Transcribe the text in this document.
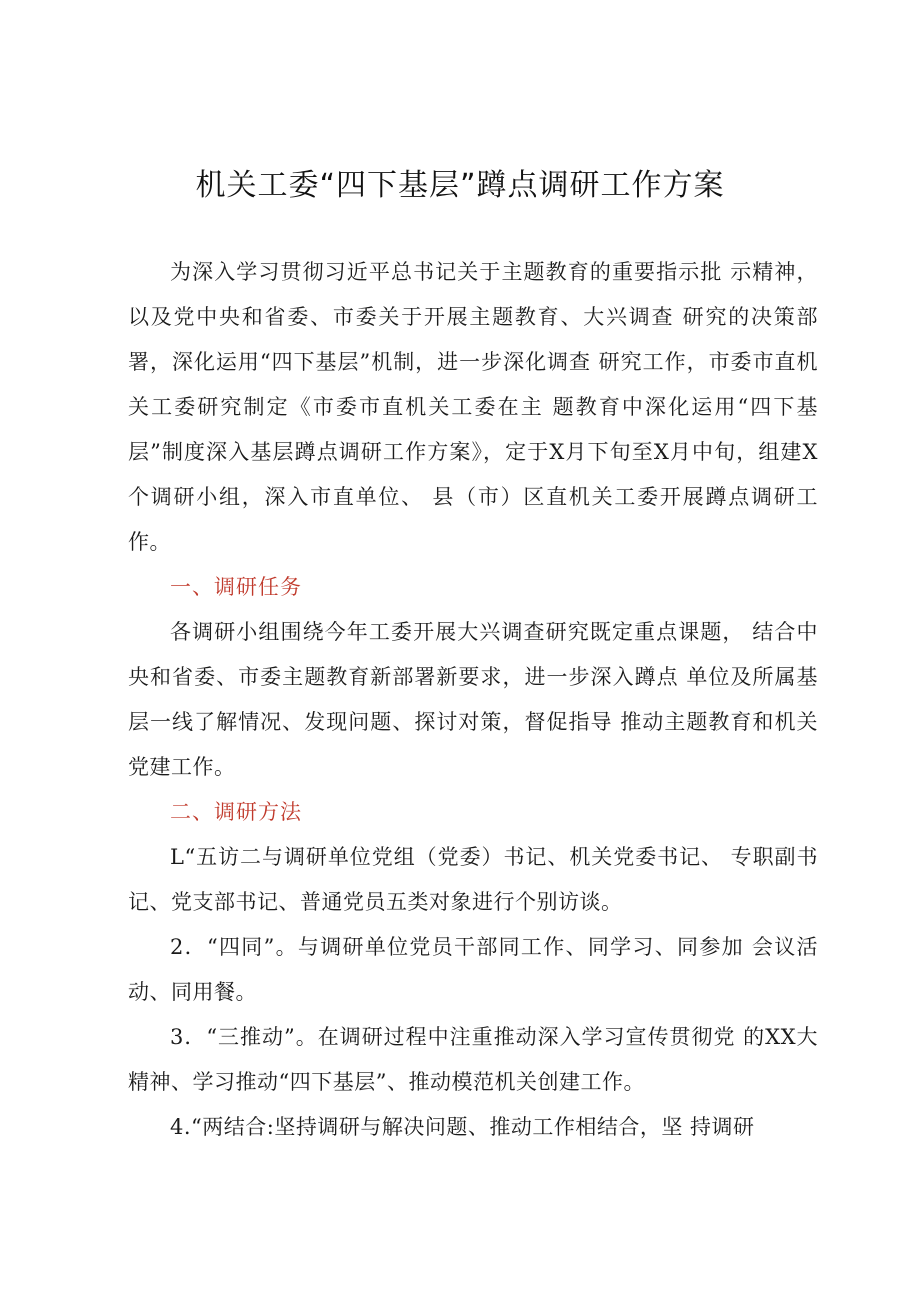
机关工委“四下基层”蹲点调研工作方案

为深入学习贯彻习近平总书记关于主题教育的重要指示批 示精神，以及党中央和省委、市委关于开展主题教育、大兴调查 研究的决策部署，深化运用“四下基层”机制，进一步深化调查 研究工作，市委市直机关工委研究制定《市委市直机关工委在主 题教育中深化运用“四下基层”制度深入基层蹲点调研工作方案》，定于X月下旬至X月中旬，组建X个调研小组，深入市直单位、 县（市）区直机关工委开展蹲点调研工作。

一、调研任务

各调研小组围绕今年工委开展大兴调查研究既定重点课题， 结合中央和省委、市委主题教育新部署新要求，进一步深入蹲点 单位及所属基层一线了解情况、发现问题、探讨对策，督促指导 推动主题教育和机关党建工作。

二、调研方法

L“五访二与调研单位党组（党委）书记、机关党委书记、 专职副书记、党支部书记、普通党员五类对象进行个别访谈。

2．“四同”。与调研单位党员干部同工作、同学习、同参加 会议活动、同用餐。

3．“三推动”。在调研过程中注重推动深入学习宣传贯彻党 的XX大精神、学习推动“四下基层”、推动模范机关创建工作。

4.“两结合:坚持调研与解决问题、推动工作相结合，坚 持调研
